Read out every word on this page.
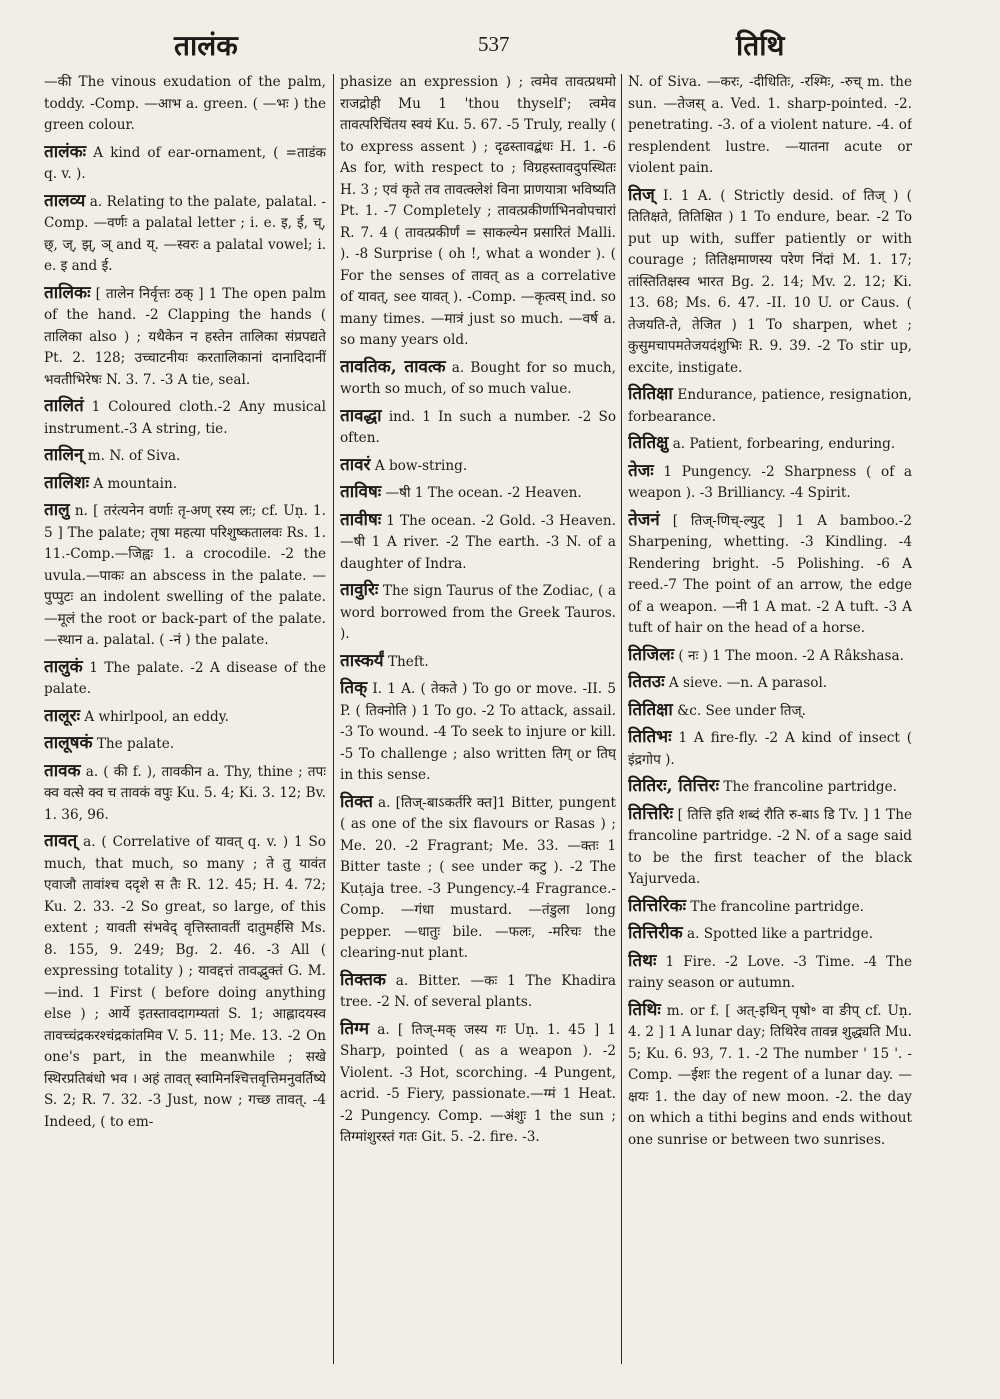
तालंक	537	तिथि
—की The vinous exudation of the palm, toddy. -Comp. —आभ a. green. ( —भः ) the green colour.
तालंकः A kind of ear-ornament, ( =ताडंक q. v. ).
तालव्य a. Relating to the palate, palatal. -Comp. —वर्णः a palatal letter ; i. e. इ, ई, च्, छ्, ज्, झ्, ञ् and य्. —स्वरः a palatal vowel; i. e. इ and ई.
तालिकः [ तालेन निर्वृत्तः ठक् ] 1 The open palm of the hand. -2 Clapping the hands ( तालिका also ) ; यथैकेन न हस्तेन तालिका संप्रपद्यते Pt. 2. 128; उच्चाटनीयः करतालिकानां दानादिदानीं भवतीभिरेषः N. 3. 7. -3 A tie, seal.
तालितं 1 Coloured cloth.-2 Any musical instrument.-3 A string, tie.
तालिन् m. N. of Siva.
तालिशः A mountain.
तालु n. [ तरंत्यनेन वर्णाः तृ-अण् रस्य लः; cf. Uṇ. 1. 5 ] The palate; तृषा महत्या परिशुष्कतालवः Rs. 1. 11.-Comp.—जिह्वः 1. a crocodile. -2 the uvula.—पाकः an abscess in the palate. —पुप्पुटः an indolent swelling of the palate. —मूलं the root or back-part of the palate. —स्थान a. palatal. ( -नं ) the palate.
तालुकं 1 The palate. -2 A disease of the palate.
तालूरः A whirlpool, an eddy.
तालूषकं The palate.
तावक a. ( की f. ), तावकीन a. Thy, thine ; तपः क्व वत्से क्व च तावकं वपुः Ku. 5. 4; Ki. 3. 12; Bv. 1. 36, 96.
तावत् a. ( Correlative of यावत् q. v. ) 1 So much, that much, so many ; ते तु यावंत एवाजौ तावांश्च ददृशे स तैः R. 12. 45; H. 4. 72; Ku. 2. 33. -2 So great, so large, of this extent ; यावती संभवेद् वृत्तिस्तावतीं दातुमर्हसि Ms. 8. 155, 9. 249; Bg. 2. 46. -3 All ( expressing totality ) ; यावद्दत्तं तावद्भुक्तं G. M. —ind. 1 First ( before doing anything else ) ; आर्ये इतस्तावदागम्यतां S. 1; आह्लादयस्व तावच्चंद्रकरश्चंद्रकांतमिव V. 5. 11; Me. 13. -2 On one's part, in the meanwhile ; सखे स्थिरप्रतिबंधो भव । अहं तावत् स्वामिनश्चित्तवृत्तिमनुवर्तिष्ये S. 2; R. 7. 32. -3 Just, now ; गच्छ तावत्. -4 Indeed, ( to em-
phasize an expression ) ; त्वमेव तावत्प्रथमो राजद्रोही Mu 1 'thou thyself'; त्वमेव तावत्परिचिंतय स्वयं Ku. 5. 67. -5 Truly, really ( to express assent ) ; दृढस्तावद्बंधः H. 1. -6 As for, with respect to ; विग्रहस्तावदुपस्थितः H. 3 ; एवं कृते तव तावत्क्लेशं विना प्राणयात्रा भविष्यति Pt. 1. -7 Completely ; तावत्प्रकीर्णाभिनवोपचारां R. 7. 4 ( तावत्प्रकीर्णं = साकल्येन प्रसारितं Malli. ). -8 Surprise ( oh !, what a wonder ). ( For the senses of तावत् as a correlative of यावत्, see यावत् ). -Comp. —कृत्वस् ind. so many times. —मात्रं just so much. —वर्ष a. so many years old.
तावतिक, तावत्क a. Bought for so much, worth so much, of so much value.
तावद्धा ind. 1 In such a number. -2 So often.
तावरं A bow-string.
ताविषः —षी 1 The ocean. -2 Heaven.
तावीषः 1 The ocean. -2 Gold. -3 Heaven. —षी 1 A river. -2 The earth. -3 N. of a daughter of Indra.
तावुरिः The sign Taurus of the Zodiac, ( a word borrowed from the Greek Tauros. ).
तास्कर्यं Theft.
तिक् I. 1 A. ( तेकते ) To go or move. -II. 5 P. ( तिक्नोति ) 1 To go. -2 To attack, assail. -3 To wound. -4 To seek to injure or kill. -5 To challenge ; also written तिग् or तिघ् in this sense.
तिक्त a. [तिज्-बाऽकर्तरि क्त]1 Bitter, pungent ( as one of the six flavours or Rasas ) ; Me. 20. -2 Fragrant; Me. 33. —क्तः 1 Bitter taste ; ( see under कटु ). -2 The Kuṭaja tree. -3 Pungency.-4 Fragrance.-Comp. —गंधा mustard. —तंडुला long pepper. —धातुः bile. —फलः, -मरिचः the clearing-nut plant.
तिक्तक a. Bitter. —कः 1 The Khadira tree. -2 N. of several plants.
तिग्म a. [ तिज्-मक् जस्य गः Uṇ. 1. 45 ] 1 Sharp, pointed ( as a weapon ). -2 Violent. -3 Hot, scorching. -4 Pungent, acrid. -5 Fiery, passionate.—ग्मं 1 Heat. -2 Pungency. Comp. —अंशुः 1 the sun ; तिग्मांशुरस्तं गतः Git. 5. -2. fire. -3.
N. of Siva. —करः, -दीधितिः, -रश्मिः, -रुच् m. the sun. —तेजस् a. Ved. 1. sharp-pointed. -2. penetrating. -3. of a violent nature. -4. of resplendent lustre. —यातना acute or violent pain.
तिज् I. 1 A. ( Strictly desid. of तिज् ) ( तितिक्षते, तितिक्षित ) 1 To endure, bear. -2 To put up with, suffer patiently or with courage ; तितिक्षमाणस्य परेण निंदां M. 1. 17; तांस्तितिक्षस्व भारत Bg. 2. 14; Mv. 2. 12; Ki. 13. 68; Ms. 6. 47. -II. 10 U. or Caus. ( तेजयति-ते, तेजित ) 1 To sharpen, whet ; कुसुमचापमतेजयदंशुभिः R. 9. 39. -2 To stir up, excite, instigate.
तितिक्षा Endurance, patience, resignation, forbearance.
तितिक्षु a. Patient, forbearing, enduring.
तेजः 1 Pungency. -2 Sharpness ( of a weapon ). -3 Brilliancy. -4 Spirit.
तेजनं [ तिज्-णिच्-ल्युट् ] 1 A bamboo.-2 Sharpening, whetting. -3 Kindling. -4 Rendering bright. -5 Polishing. -6 A reed.-7 The point of an arrow, the edge of a weapon. —नी 1 A mat. -2 A tuft. -3 A tuft of hair on the head of a horse.
तिजिलः ( नः ) 1 The moon. -2 A Râkshasa.
तितउः A sieve. —n. A parasol.
तितिक्षा &c. See under तिज्.
तितिभः 1 A fire-fly. -2 A kind of insect ( इंद्रगोप ).
तितिरः, तित्तिरः The francoline partridge.
तित्तिरिः [ तित्ति इति शब्दं रौति रु-बाऽ डि Tv. ] 1 The francoline partridge. -2 N. of a sage said to be the first teacher of the black Yajurveda.
तित्तिरिकः The francoline partridge.
तित्तिरीक a. Spotted like a partridge.
तिथः 1 Fire. -2 Love. -3 Time. -4 The rainy season or autumn.
तिथिः m. or f. [ अत्-इथिन् पृषो॰ वा ङीप् cf. Uṇ. 4. 2 ] 1 A lunar day; तिथिरेव तावन्न शुद्ध्यति Mu. 5; Ku. 6. 93, 7. 1. -2 The number ' 15 '. -Comp. —ईशः the regent of a lunar day. —क्षयः 1. the day of new moon. -2. the day on which a tithi begins and ends without one sunrise or between two sunrises.
